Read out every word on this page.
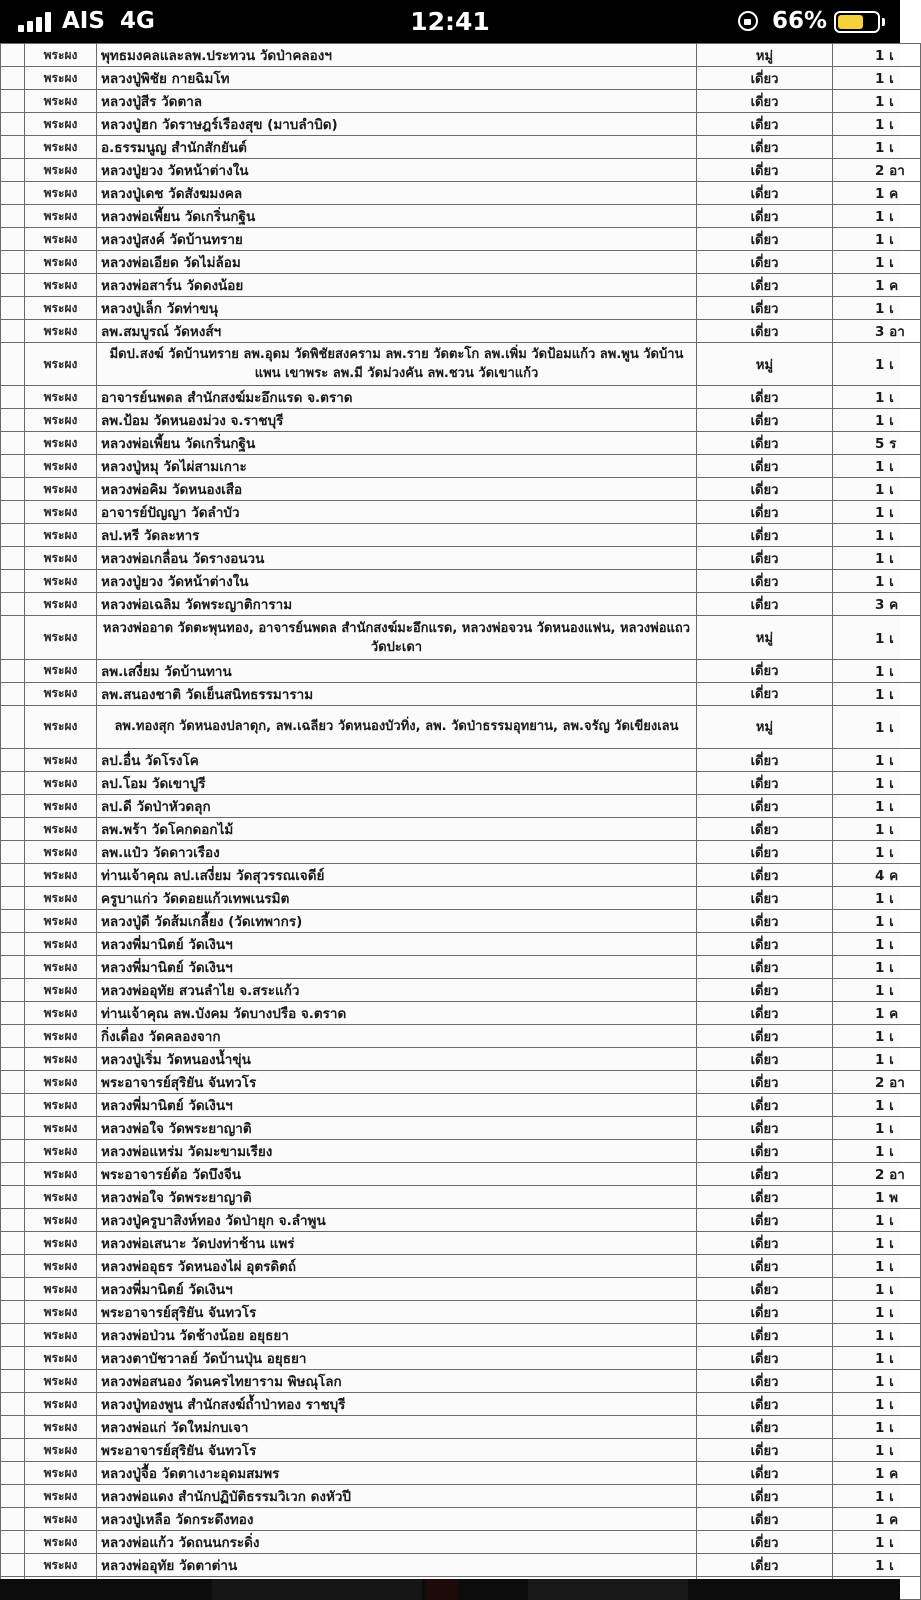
AIS 4G	12:41	66%
	พระผง	พุทธมงคลและลพ.ประทวน วัดป่าคลองฯ	หมู่	1 เ
	พระผง	หลวงปู่พิชัย กายฉิมโท	เดี่ยว	1 เ
	พระผง	หลวงปู่สีร วัดตาล	เดี่ยว	1 เ
	พระผง	หลวงปู่ฮก วัดราษฎร์เรืองสุข (มาบลำบิด)	เดี่ยว	1 เ
	พระผง	อ.ธรรมนูญ สำนักสักยันต์	เดี่ยว	1 เ
	พระผง	หลวงปู่ยวง วัดหน้าต่างใน	เดี่ยว	2 อา
	พระผง	หลวงปู่เดช วัดสังฆมงคล	เดี่ยว	1 ค
	พระผง	หลวงพ่อเพี้ยน วัดเกริ่นกฐิน	เดี่ยว	1 เ
	พระผง	หลวงปู่สงค์ วัดบ้านทราย	เดี่ยว	1 เ
	พระผง	หลวงพ่อเอียด วัดไม่ล้อม	เดี่ยว	1 เ
	พระผง	หลวงพ่อสาร์น วัดดงน้อย	เดี่ยว	1 ค
	พระผง	หลวงปู่เล็ก วัดท่าขนุ	เดี่ยว	1 เ
	พระผง	ลพ.สมบูรณ์ วัดหงส์ฯ	เดี่ยว	3 อา
	พระผง	มีดป.สงฆ์ วัดบ้านทราย ลพ.อุดม วัดพิชัยสงคราม ลพ.ราย วัดตะโก ลพ.เพิ่ม วัดป้อมแก้ว ลพ.พูน วัดบ้านแพน เขาพระ ลพ.มี วัดม่วงคัน ลพ.ชวน วัดเขาแก้ว	หมู่	1 เ
	พระผง	อาจารย์นพดล สำนักสงฆ์มะอึกแรด จ.ตราด	เดี่ยว	1 เ
	พระผง	ลพ.ป้อม วัดหนองม่วง จ.ราชบุรี	เดี่ยว	1 เ
	พระผง	หลวงพ่อเพี้ยน วัดเกริ่นกฐิน	เดี่ยว	5 ร
	พระผง	หลวงปู่หมุ วัดไผ่สามเกาะ	เดี่ยว	1 เ
	พระผง	หลวงพ่อคิม วัดหนองเสือ	เดี่ยว	1 เ
	พระผง	อาจารย์ปัญญา วัดลำบัว	เดี่ยว	1 เ
	พระผง	ลป.หรี วัดละหาร	เดี่ยว	1 เ
	พระผง	หลวงพ่อเกลื่อน วัดรางอนวน	เดี่ยว	1 เ
	พระผง	หลวงปู่ยวง วัดหน้าต่างใน	เดี่ยว	1 เ
	พระผง	หลวงพ่อเฉลิม วัดพระญาติการาม	เดี่ยว	3 ค
	พระผง	หลวงพ่ออาด วัดตะพุนทอง, อาจารย์นพดล สำนักสงฆ์มะอึกแรด, หลวงพ่อจวน วัดหนองแฟน, หลวงพ่อแถว วัดปะเดา	หมู่	1 เ
	พระผง	ลพ.เสงี่ยม วัดบ้านทาน	เดี่ยว	1 เ
	พระผง	ลพ.สนองชาติ วัดเย็นสนิทธรรมาราม	เดี่ยว	1 เ
	พระผง	ลพ.ทองสุก วัดหนองปลาดุก, ลพ.เฉลียว วัดหนองบัวทิ่ง, ลพ. วัดป่าธรรมอุทยาน, ลพ.จรัญ วัดเขียงเลน	หมู่	1 เ
	พระผง	ลป.อื่น วัดโรงโค	เดี่ยว	1 เ
	พระผง	ลป.โอม วัดเขาปูรี	เดี่ยว	1 เ
	พระผง	ลป.ดี วัดป่าหัวดลุก	เดี่ยว	1 เ
	พระผง	ลพ.พร้า วัดโคกดอกไม้	เดี่ยว	1 เ
	พระผง	ลพ.แป๋ว วัดดาวเรือง	เดี่ยว	1 เ
	พระผง	ท่านเจ้าคุณ ลป.เสงี่ยม วัดสุวรรณเจดีย์	เดี่ยว	4 ค
	พระผง	ครูบาแก่ว วัดดอยแก้วเทพเนรมิต	เดี่ยว	1 เ
	พระผง	หลวงปู่ดี วัดส้มเกลี้ยง (วัดเทพากร)	เดี่ยว	1 เ
	พระผง	หลวงพี่มานิตย์ วัดเงินฯ	เดี่ยว	1 เ
	พระผง	หลวงพี่มานิตย์ วัดเงินฯ	เดี่ยว	1 เ
	พระผง	หลวงพ่ออุทัย สวนลำไย จ.สระแก้ว	เดี่ยว	1 เ
	พระผง	ท่านเจ้าคุณ ลพ.บังคม วัดบางปรือ จ.ตราด	เดี่ยว	1 ค
	พระผง	กิ่งเดื่อง วัดคลองจาก	เดี่ยว	1 เ
	พระผง	หลวงปู่เริ่ม วัดหนองน้ำขุ่น	เดี่ยว	1 เ
	พระผง	พระอาจารย์สุริยัน จันทวโร	เดี่ยว	2 อา
	พระผง	หลวงพี่มานิตย์ วัดเงินฯ	เดี่ยว	1 เ
	พระผง	หลวงพ่อใจ วัดพระยาญาติ	เดี่ยว	1 เ
	พระผง	หลวงพ่อแหร่ม วัดมะขามเรียง	เดี่ยว	1 เ
	พระผง	พระอาจารย์ต้อ วัดบึงจีน	เดี่ยว	2 อา
	พระผง	หลวงพ่อใจ วัดพระยาญาติ	เดี่ยว	1 พ
	พระผง	หลวงปู่ครูบาสิงห์ทอง วัดป่ายุก จ.ลำพูน	เดี่ยว	1 เ
	พระผง	หลวงพ่อเสนาะ วัดปงท่าช้าน แพร่	เดี่ยว	1 เ
	พระผง	หลวงพ่ออุธร วัดหนองไผ่ อุตรดิตถ์	เดี่ยว	1 เ
	พระผง	หลวงพี่มานิตย์ วัดเงินฯ	เดี่ยว	1 เ
	พระผง	พระอาจารย์สุริยัน จันทวโร	เดี่ยว	1 เ
	พระผง	หลวงพ่อป่วน วัดช้างน้อย อยุธยา	เดี่ยว	1 เ
	พระผง	หลวงตาบัชวาลย์ วัดบ้านปุ่น อยุธยา	เดี่ยว	1 เ
	พระผง	หลวงพ่อสนอง วัดนครไทยาราม พิษณุโลก	เดี่ยว	1 เ
	พระผง	หลวงปู่ทองพูน สำนักสงฆ์ถ้ำป่าทอง ราชบุรี	เดี่ยว	1 เ
	พระผง	หลวงพ่อแก่ วัดใหม่กบเจา	เดี่ยว	1 เ
	พระผง	พระอาจารย์สุริยัน จันทวโร	เดี่ยว	1 เ
	พระผง	หลวงปู่จื้อ วัดตาเงาะอุดมสมพร	เดี่ยว	1 ค
	พระผง	หลวงพ่อแดง สำนักปฏิบัติธรรมวิเวก ดงหัวปี	เดี่ยว	1 เ
	พระผง	หลวงปู่เหลือ วัดกระดึงทอง	เดี่ยว	1 ค
	พระผง	หลวงพ่อแก้ว วัดถนนกระดิ่ง	เดี่ยว	1 เ
	พระผง	หลวงพ่ออุทัย วัดตาต่าน	เดี่ยว	1 เ
